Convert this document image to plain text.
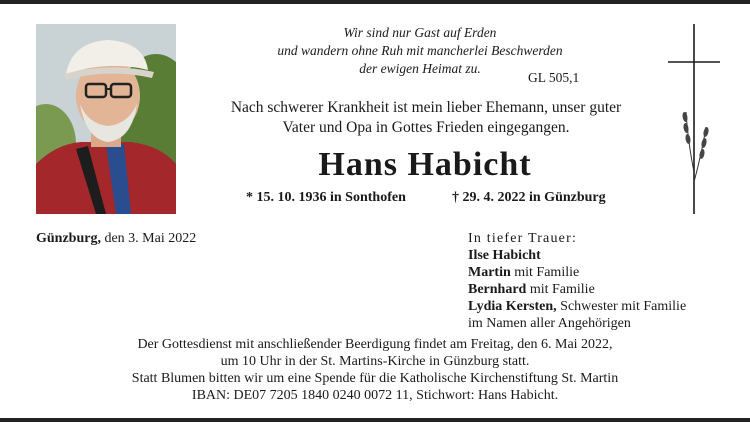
Wir sind nur Gast auf Erden
und wandern ohne Ruh mit mancherlei Beschwerden
der ewigen Heimat zu.
GL 505,1
Nach schwerer Krankheit ist mein lieber Ehemann, unser guter
Vater und Opa in Gottes Frieden eingegangen.
Hans Habicht
* 15. 10. 1936 in Sonthofen	† 29. 4. 2022 in Günzburg
Günzburg, den 3. Mai 2022	In tiefer Trauer:
Ilse Habicht
Martin mit Familie
Bernhard mit Familie
Lydia Kersten, Schwester mit Familie
im Namen aller Angehörigen
Der Gottesdienst mit anschließender Beerdigung findet am Freitag, den 6. Mai 2022,
um 10 Uhr in der St. Martins-Kirche in Günzburg statt.
Statt Blumen bitten wir um eine Spende für die Katholische Kirchenstiftung St. Martin
IBAN: DE07 7205 1840 0240 0072 11, Stichwort: Hans Habicht.
